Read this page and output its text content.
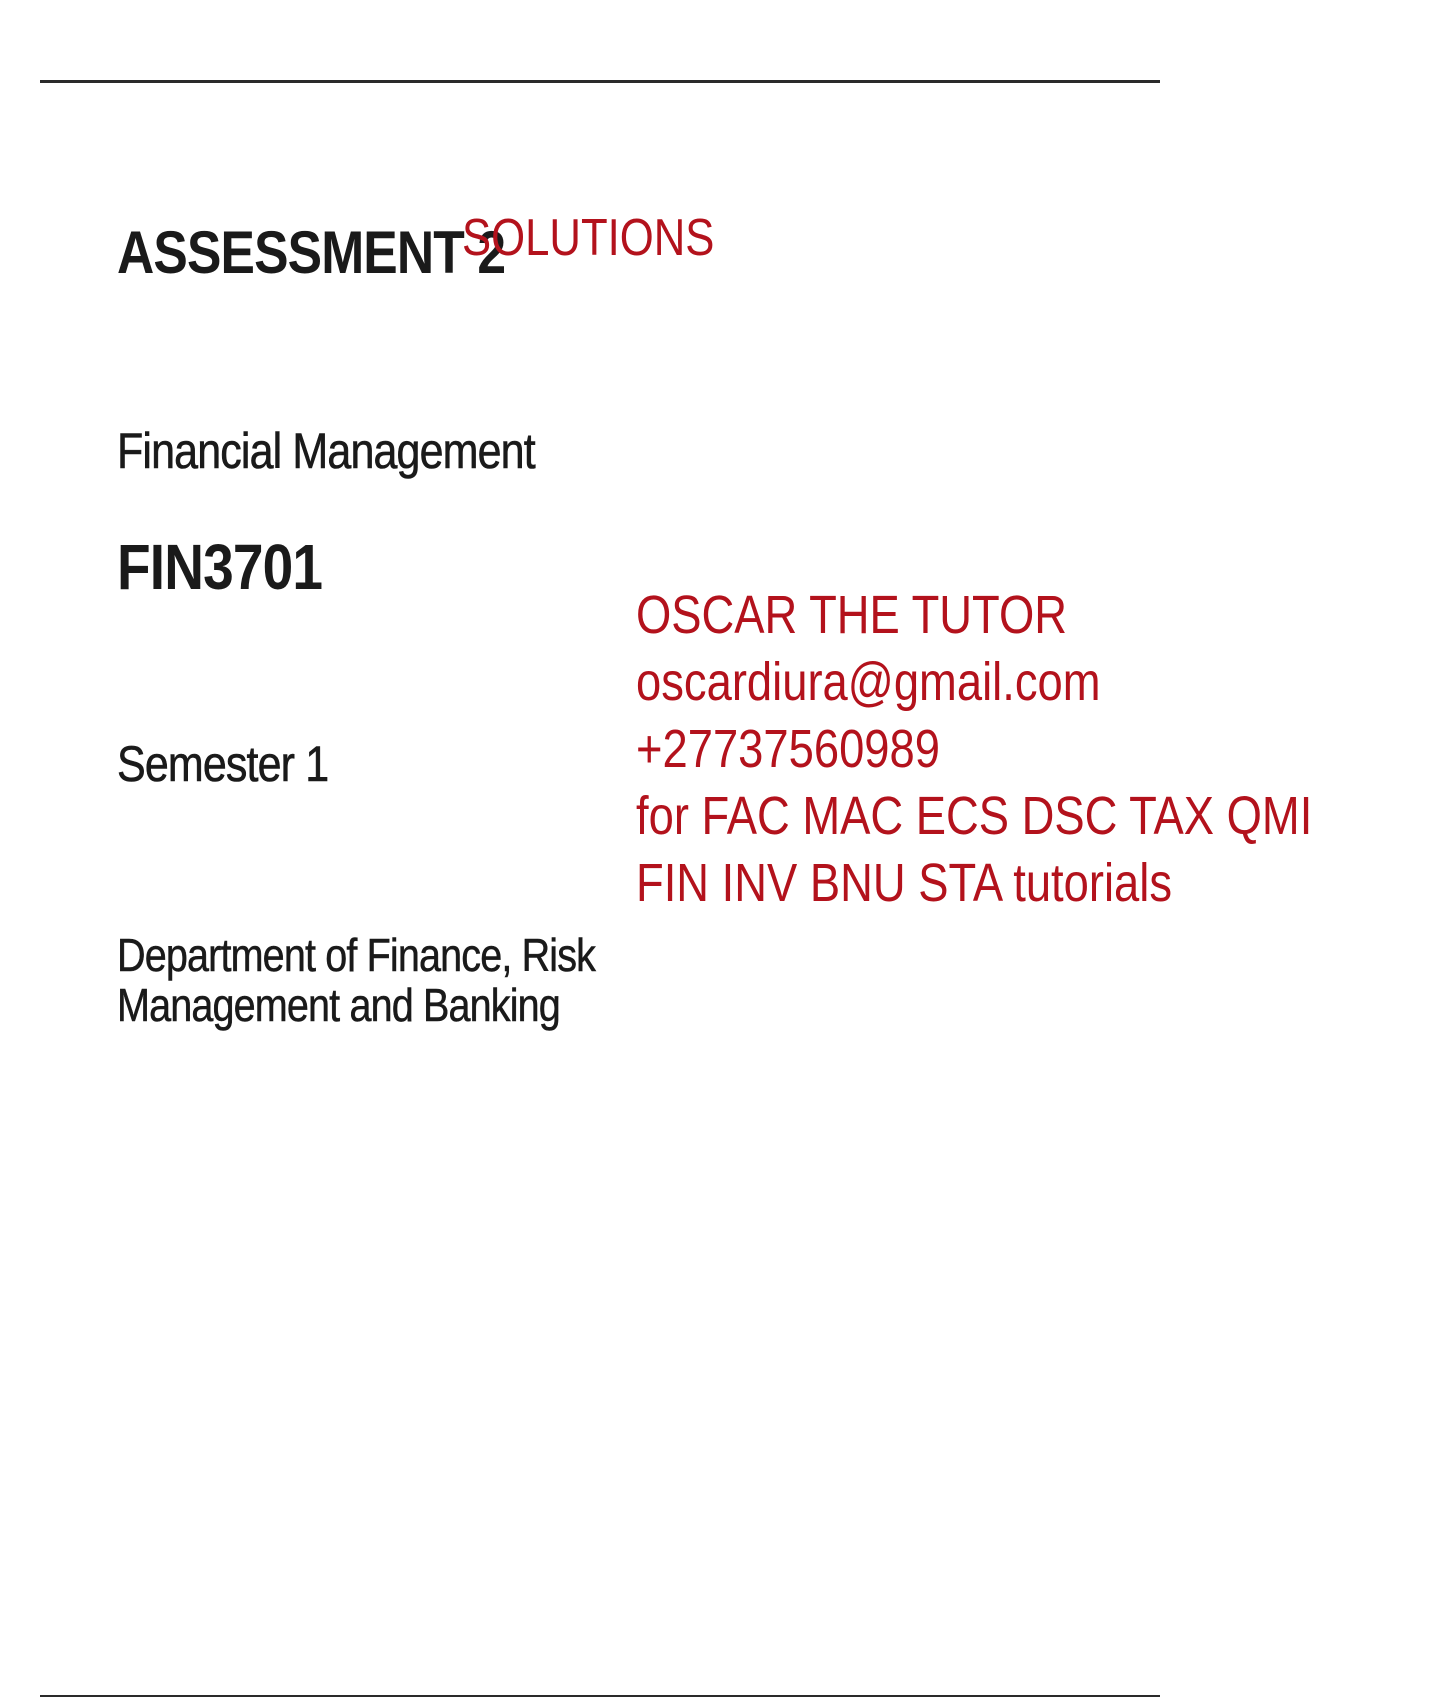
ASSESSMENT 2
SOLUTIONS
Financial Management
FIN3701
OSCAR THE TUTOR
oscardiura@gmail.com
+27737560989
for FAC MAC ECS DSC TAX QMI
FIN INV BNU STA tutorials
Semester 1
Department of Finance, Risk Management and Banking
